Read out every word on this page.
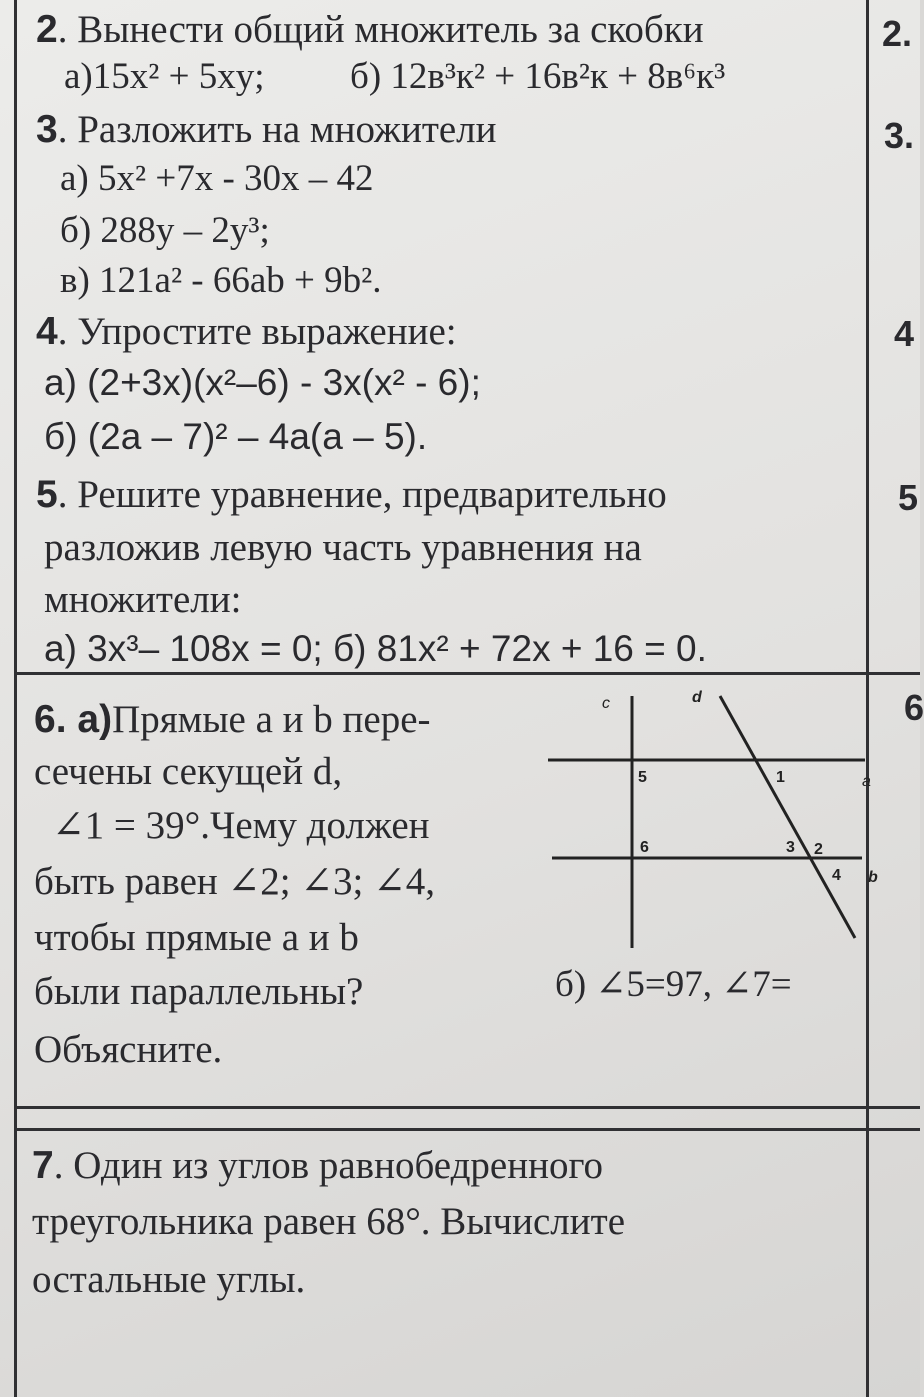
2. Вынести общий множитель за скобки
а)15x² + 5xy;	б) 12в³к² + 16в²к + 8в⁶к³
3. Разложить на множители
а) 5x² +7x - 30x – 42
б) 288y – 2y³;
в) 121a² - 66ab + 9b².
4. Упростите выражение:
а) (2+3x)(x²–6) - 3x(x² - 6);
б) (2a – 7)² – 4a(a – 5).
5. Решите уравнение, предварительно
разложив левую часть уравнения на
множители:
а) 3x³– 108x = 0; б) 81x² + 72x + 16 = 0.
6. а)Прямые a и b пере-
сечены секущей d,
∠1 = 39°.Чему должен
быть равен ∠2; ∠3; ∠4,
чтобы прямые a и b
были параллельны?
Объясните.
б) ∠5=97, ∠7=
c	d
a
b
5	1
6	3 2
4
7. Один из углов равнобедренного
треугольника равен 68°. Вычислите
остальные углы.
2.
3.
4
5
6
